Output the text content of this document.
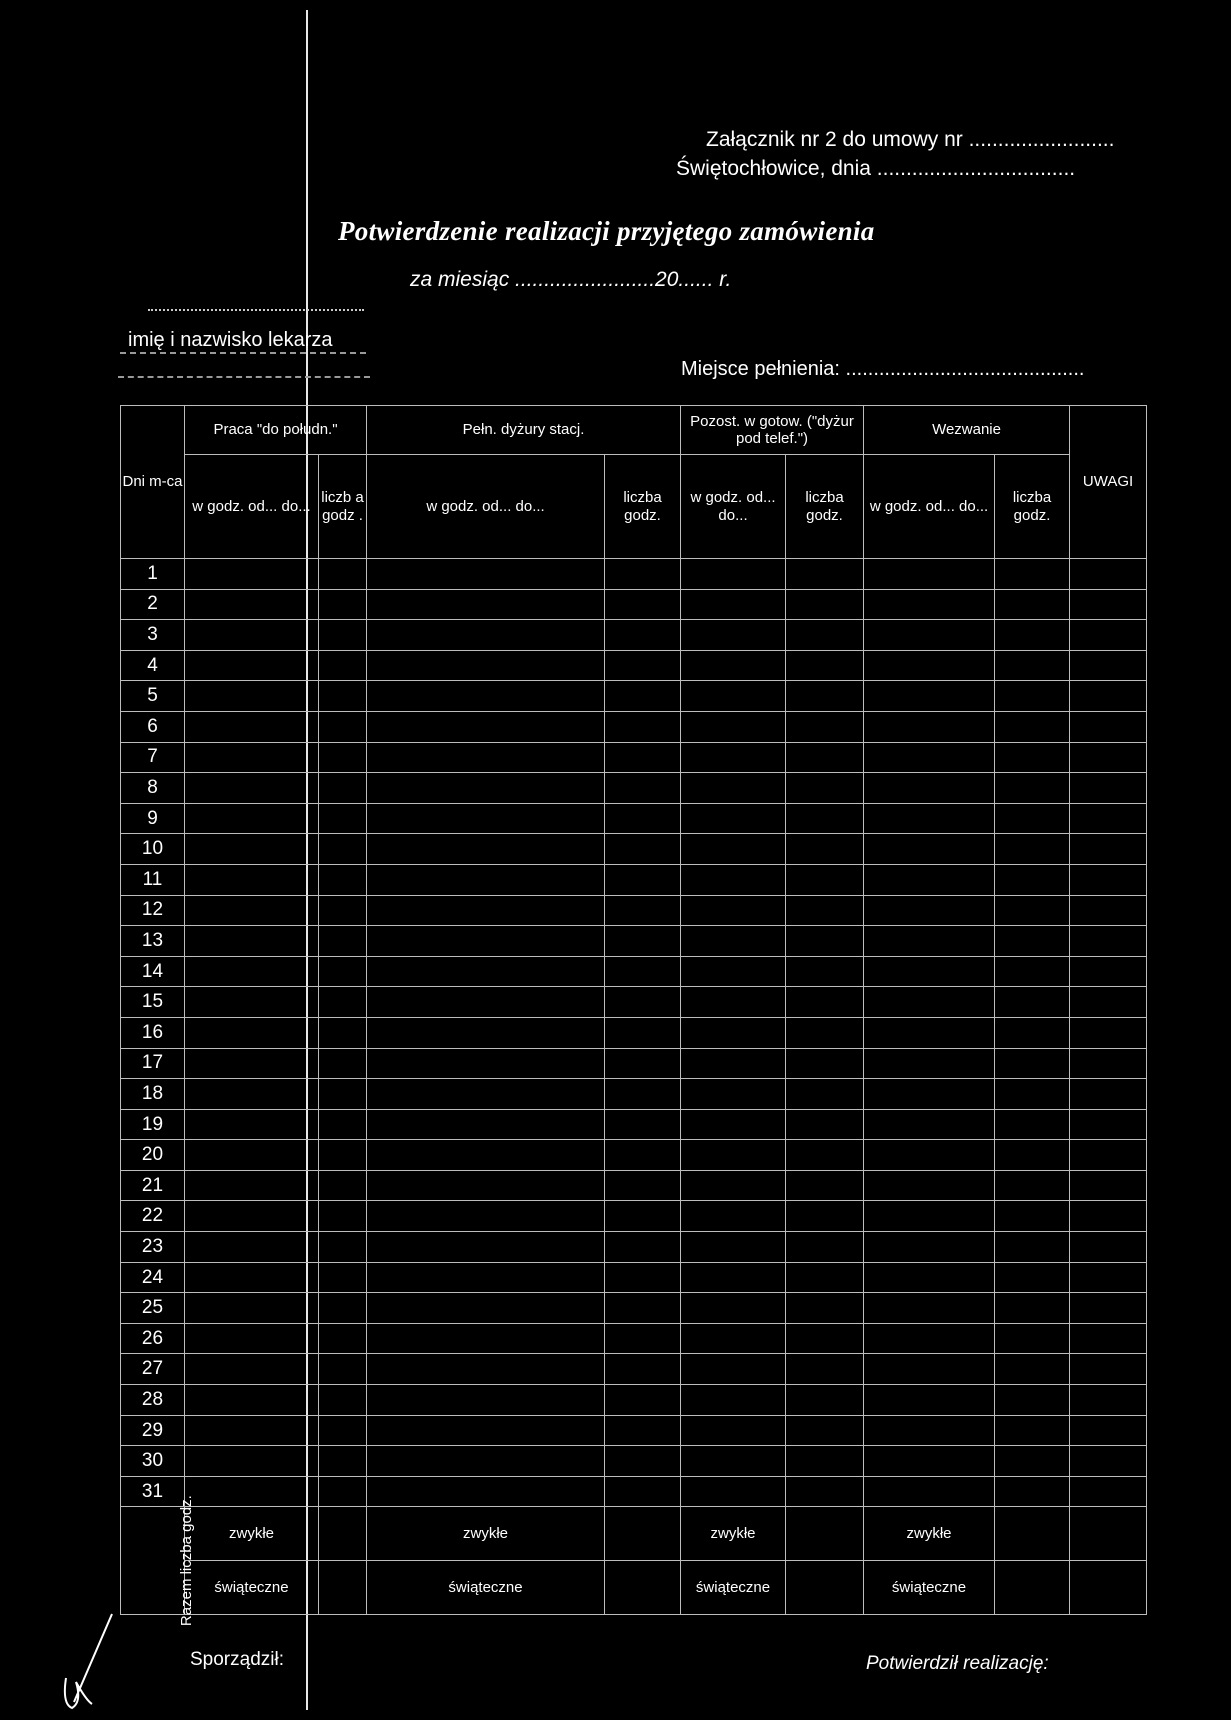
Załącznik nr 2 do umowy nr .........................
Świętochłowice, dnia ..................................
Potwierdzenie realizacji przyjętego zamówienia
za miesiąc ........................20...... r.
imię i nazwisko lekarza
Miejsce pełnienia: ...........................................
Dni m-ca	Praca "do połudn."		Pełn. dyżury stacj.		Pozost. w gotow. ("dyżur pod telef.")		Wezwanie		UWAGI
	w godz. od... do...	liczb a godz .	w godz. od... do...	liczba godz.	w godz. od... do...	liczba godz.	w godz. od... do...	liczba godz.	
1									
2									
3									
4									
5									
6									
7									
8									
9									
10									
11									
12									
13									
14									
15									
16									
17									
18									
19									
20									
21									
22									
23									
24									
25									
26									
27									
28									
29									
30									
31									
Razem liczba godz.	zwykłe		zwykłe		zwykłe		zwykłe		
	świąteczne		świąteczne		świąteczne		świąteczne		
Sporządził:	Potwierdził realizację:
